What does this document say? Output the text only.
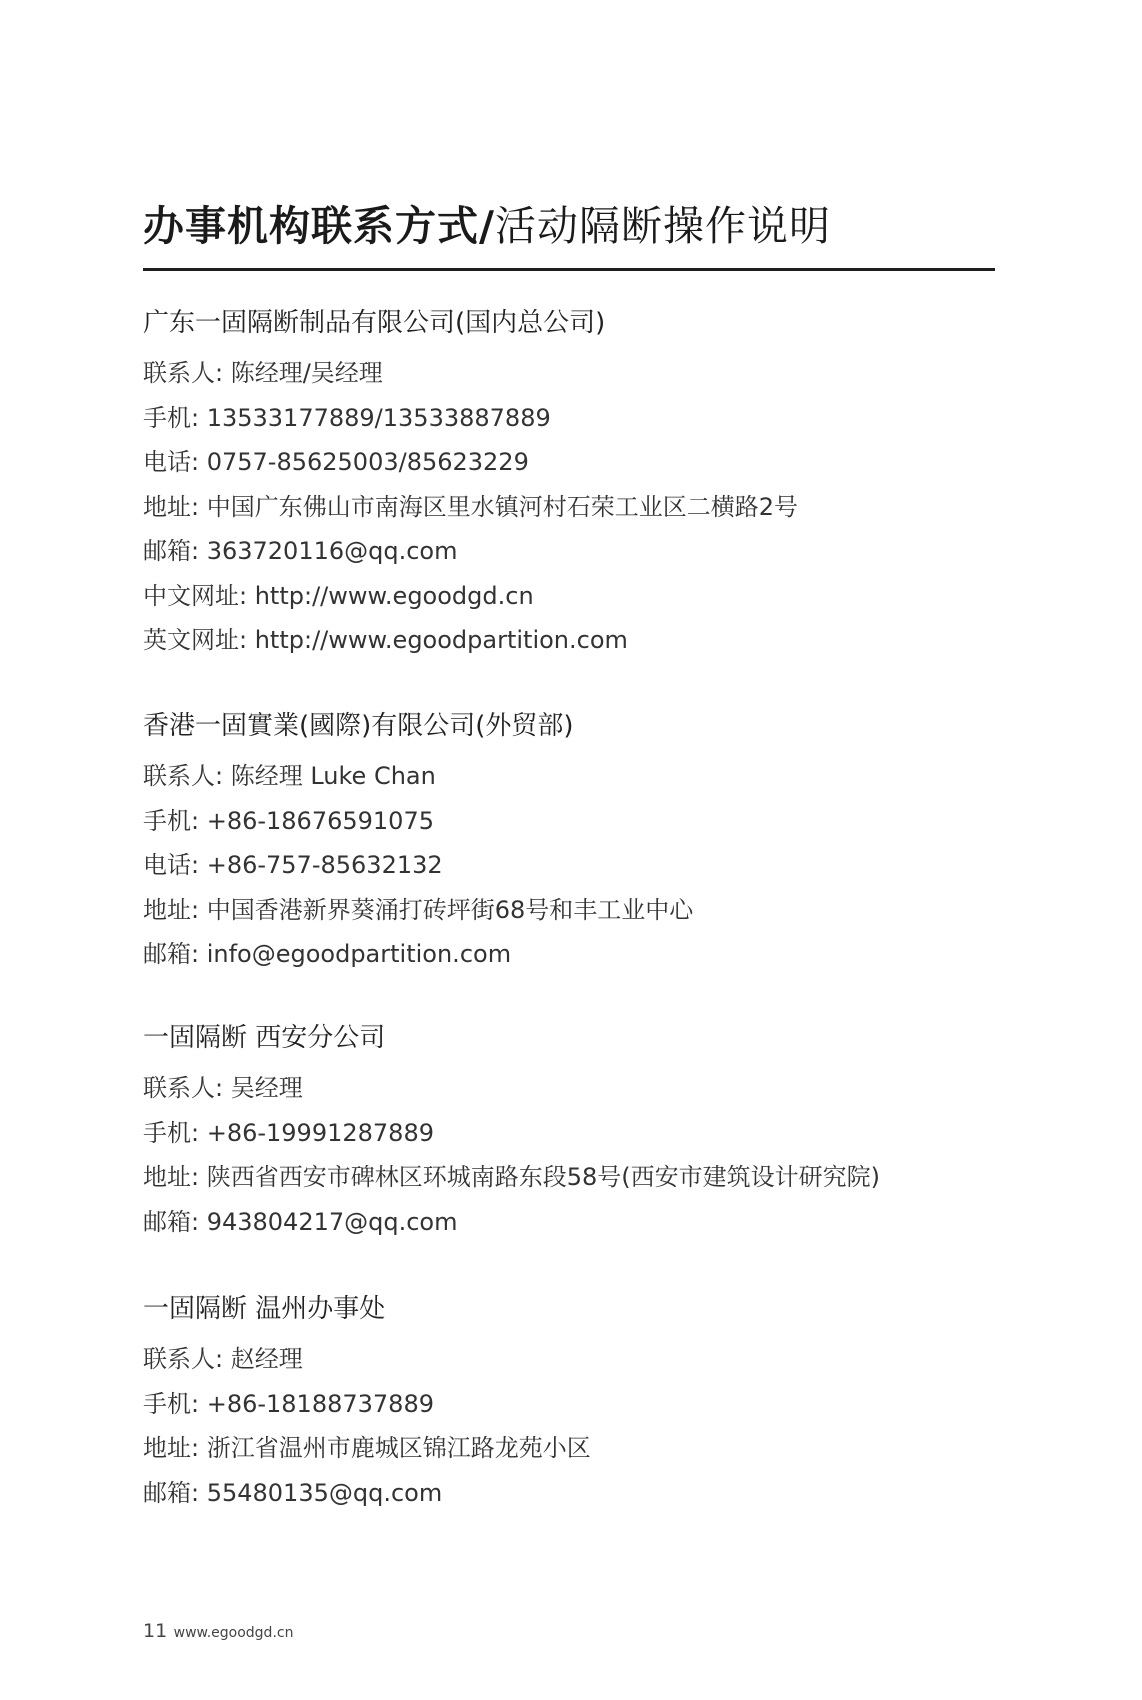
办事机构联系方式/活动隔断操作说明
广东一固隔断制品有限公司(国内总公司)
联系人: 陈经理/吴经理
手机: 13533177889/13533887889
电话: 0757-85625003/85623229
地址: 中国广东佛山市南海区里水镇河村石荣工业区二横路2号
邮箱: 363720116@qq.com
中文网址: http://www.egoodgd.cn
英文网址: http://www.egoodpartition.com
香港一固實業(國際)有限公司(外贸部)
联系人: 陈经理 Luke Chan
手机: +86-18676591075
电话: +86-757-85632132
地址: 中国香港新界葵涌打砖坪街68号和丰工业中心
邮箱: info@egoodpartition.com
一固隔断 西安分公司
联系人: 吴经理
手机: +86-19991287889
地址: 陕西省西安市碑林区环城南路东段58号(西安市建筑设计研究院)
邮箱: 943804217@qq.com
一固隔断 温州办事处
联系人: 赵经理
手机: +86-18188737889
地址: 浙江省温州市鹿城区锦江路龙苑小区
邮箱: 55480135@qq.com
11 www.egoodgd.cn
